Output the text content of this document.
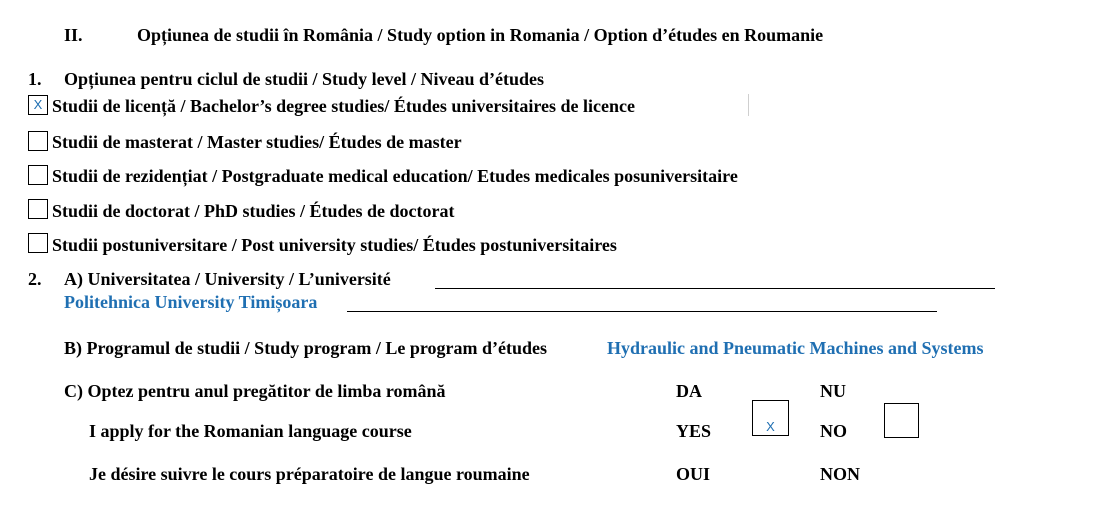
II.	Opțiunea de studii în România / Study option in Romania / Option d’études en Roumanie
1. Opțiunea pentru ciclul de studii / Study level / Niveau d’études
X Studii de licență / Bachelor’s degree studies/ Études universitaires de licence
Studii de masterat / Master studies/ Études de master
Studii de rezidențiat / Postgraduate medical education/ Etudes medicales posuniversitaire
Studii de doctorat / PhD studies / Études de doctorat
Studii postuniversitare / Post university studies/ Études postuniversitaires
2. A) Universitatea / University / L’université
Politehnica University Timișoara
B) Programul de studii / Study program / Le program d’études	Hydraulic and Pneumatic Machines and Systems
C) Optez pentru anul pregătitor de limba română	DA	NU
I apply for the Romanian language course	YES	NO
Je désire suivre le cours préparatoire de langue roumaine	OUI	NON
X
